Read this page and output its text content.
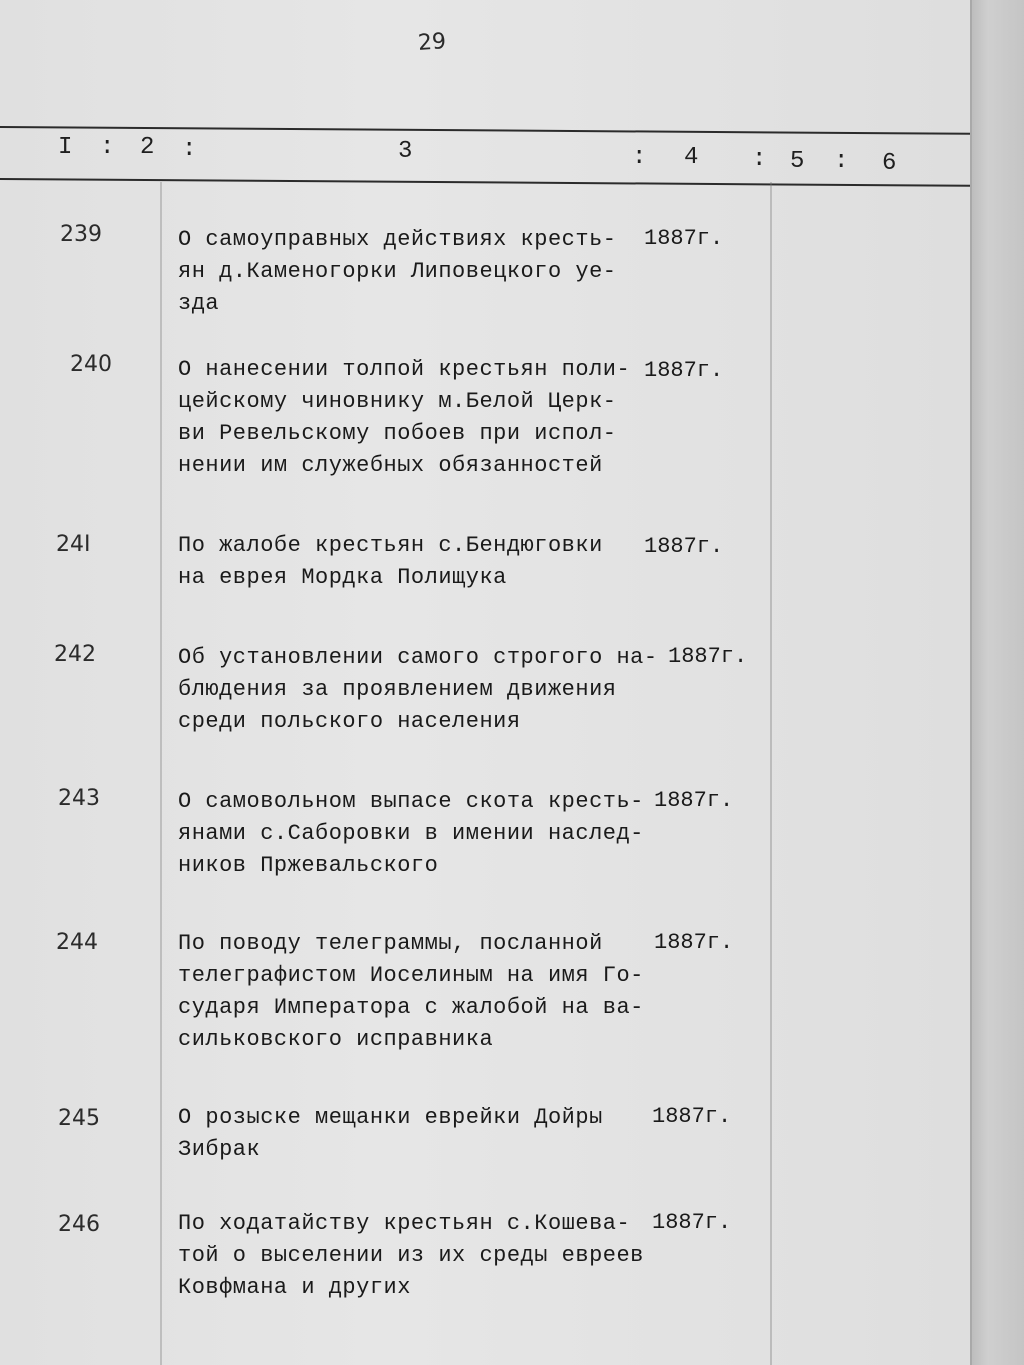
29
I : 2 :	3	: 4 : 5 : 6
239	О самоуправных действиях кресть-
ян д.Каменогорки Липовецкого уе-
зда
1887г.
240	О нанесении толпой крестьян поли-
цейскому чиновнику м.Белой Церк-
ви Ревельскому побоев при испол-
нении им служебных обязанностей
1887г.
24I	По жалобе крестьян с.Бендюговки
на еврея Мордка Полищука
1887г.
242	Об установлении самого строгого на-
блюдения за проявлением движения
среди польского населения
1887г.
243	О самовольном выпасе скота кресть-
янами с.Саборовки в имении наслед-
ников Пржевальского
1887г.
244	По поводу телеграммы, посланной
телеграфистом Иоселиным на имя Го-
сударя Императора с жалобой на ва-
сильковского исправника
1887г.
245	О розыске мещанки еврейки Дойры
Зибрак
1887г.
246	По ходатайству крестьян с.Кошева-
той о выселении из их среды евреев
Ковфмана и других
1887г.
